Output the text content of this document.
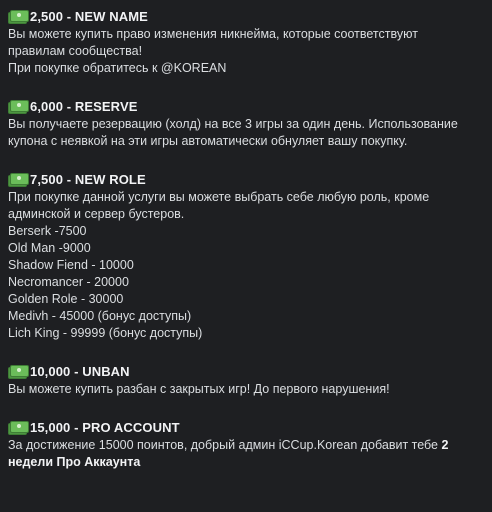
2,500 - NEW NAME
Вы можете купить право изменения никнейма, которые соответствуют
правилам сообщества!
При покупке обратитесь к @KOREAN
6,000 - RESERVE
Вы получаете резервацию (холд) на все 3 игры за один день. Использование
купона с неявкой на эти игры автоматически обнуляет вашу покупку.
7,500 - NEW ROLE
При покупке данной услуги вы можете выбрать себе любую роль, кроме
админской и сервер бустеров.
Berserk -7500
Old Man -9000
Shadow Fiend - 10000
Necromancer - 20000
Golden Role - 30000
Medivh - 45000 (бонус доступы)
Lich King - 99999 (бонус доступы)
10,000 - UNBAN
Вы можете купить разбан с закрытых игр! До первого нарушения!
15,000 - PRO ACCOUNT
За достижение 15000 поинтов, добрый админ iCCup.Korean добавит тебе 2
недели Про Аккаунта
